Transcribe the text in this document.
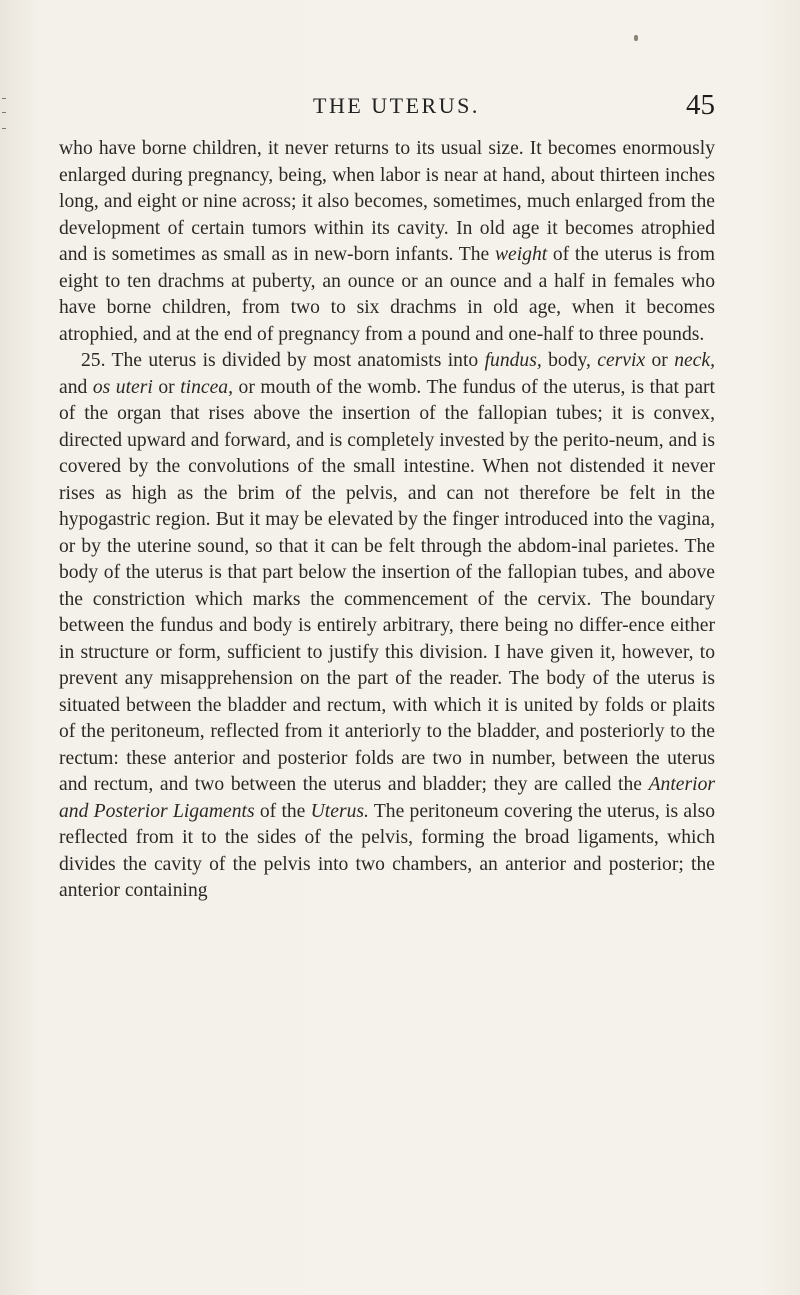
THE UTERUS.	45

who have borne children, it never returns to its usual size. It becomes enormously enlarged during pregnancy, being, when labor is near at hand, about thirteen inches long, and eight or nine across; it also becomes, sometimes, much enlarged from the development of certain tumors within its cavity. In old age it becomes atrophied and is sometimes as small as in new-born infants. The weight of the uterus is from eight to ten drachms at puberty, an ounce or an ounce and a half in females who have borne children, from two to six drachms in old age, when it becomes atrophied, and at the end of pregnancy from a pound and one-half to three pounds.

25. The uterus is divided by most anatomists into fundus, body, cervix or neck, and os uteri or tincea, or mouth of the womb. The fundus of the uterus, is that part of the organ that rises above the insertion of the fallopian tubes; it is convex, directed upward and forward, and is completely invested by the perito-neum, and is covered by the convolutions of the small intestine. When not distended it never rises as high as the brim of the pelvis, and can not therefore be felt in the hypogastric region. But it may be elevated by the finger introduced into the vagina, or by the uterine sound, so that it can be felt through the abdom-inal parietes. The body of the uterus is that part below the insertion of the fallopian tubes, and above the constriction which marks the commencement of the cervix. The boundary between the fundus and body is entirely arbitrary, there being no differ-ence either in structure or form, sufficient to justify this division. I have given it, however, to prevent any misapprehension on the part of the reader. The body of the uterus is situated between the bladder and rectum, with which it is united by folds or plaits of the peritoneum, reflected from it anteriorly to the bladder, and posteriorly to the rectum: these anterior and posterior folds are two in number, between the uterus and rectum, and two between the uterus and bladder; they are called the Anterior and Posterior Ligaments of the Uterus. The peritoneum covering the uterus, is also reflected from it to the sides of the pelvis, forming the broad ligaments, which divides the cavity of the pelvis into two chambers, an anterior and posterior; the anterior containing
